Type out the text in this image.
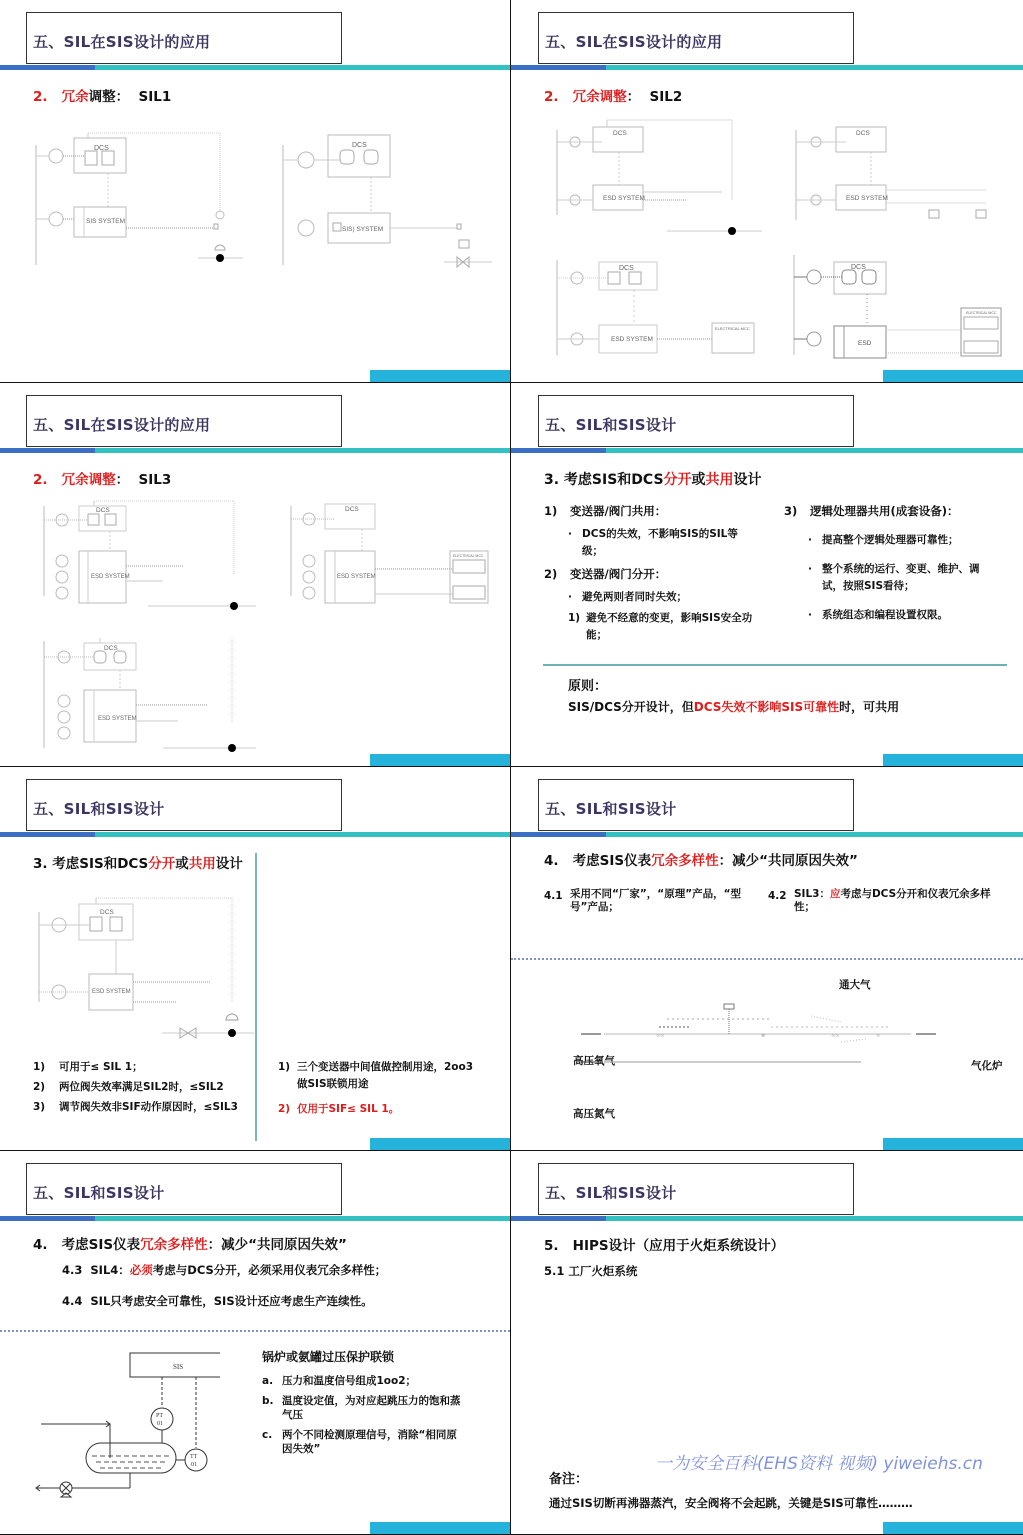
五、SIL在SIS设计的应用
2. 冗余调整： SIL1
DCS
SIS SYSTEM
DCS
SIS) SYSTEM
五、SIL在SIS设计的应用
2. 冗余调整： SIL2
DCS
ESD SYSTEM
DCS
ESD SYSTEM
DCS
ESD SYSTEM
ELECTRICAL MCC
DCS
ESD
ELECTRICAL MCC
五、SIL在SIS设计的应用
2. 冗余调整： SIL3
DCS
ESD SYSTEM
DCS
ESD SYSTEM
ELECTRICAL MCC
DCS
ESD SYSTEM
五、SIL和SIS设计
3. 考虑SIS和DCS分开或共用设计
1) 变送器/阀门共用：
· DCS的失效，不影响SIS的SIL等级；
2) 变送器/阀门分开：
· 避免两则者同时失效；
1) 避免不经意的变更，影响SIS安全功能；
3) 逻辑处理器共用(成套设备)：
· 提高整个逻辑处理器可靠性；
· 整个系统的运行、变更、维护、调试，按照SIS看待；
· 系统组态和编程设置权限。
原则：
SIS/DCS分开设计，但DCS失效不影响SIS可靠性时，可共用
五、SIL和SIS设计
3. 考虑SIS和DCS分开或共用设计
DCS
ESD SYSTEM
1)	可用于≤ SIL 1；
2)	两位阀失效率满足SIL2时，≤SIL2
3)	调节阀失效非SIF动作原因时，≤SIL3
1) 三个变送器中间值做控制用途，2oo3做SIS联锁用途
2) 仅用于SIF≤ SIL 1。
五、SIL和SIS设计
4. 考虑SIS仪表冗余多样性：减少“共同原因失效”
4.1 采用不同“厂家”，“原理”产品，“型号”产品；
4.2 SIL3：应考虑与DCS分开和仪表冗余多样性；
通大气
高压氧气
高压氮气
气化炉
∞∞	⊗	∞∞	∞
五、SIL和SIS设计
4. 考虑SIS仪表冗余多样性：减少“共同原因失效”
4.3 SIL4：必须考虑与DCS分开，必须采用仪表冗余多样性；
4.4 SIL只考虑安全可靠性，SIS设计还应考虑生产连续性。
SIS
PT
01
TT
01
锅炉或氨罐过压保护联锁
a. 压力和温度信号组成1oo2；
b. 温度设定值，为对应起跳压力的饱和蒸气压
c. 两个不同检测原理信号，消除“相同原因失效”
五、SIL和SIS设计
5. HIPS设计（应用于火炬系统设计）
5.1 工厂火炬系统
备注：
通过SIS切断再沸器蒸汽，安全阀将不会起跳，关键是SIS可靠性………
一为安全百科(EHS资料 视频) yiweiehs.cn
